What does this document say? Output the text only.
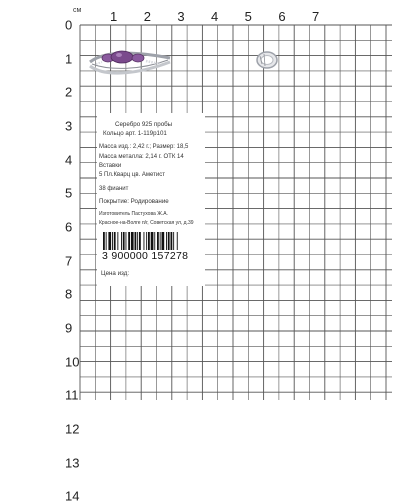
см 1 2 3 4 5 6 7
0
1
2
3
4
5
6
7
8
9
10
11
12
13
14
Серебро 925 пробы
Кольцо арт. 1-119р101
Масса изд.: 2,42 г.; Размер: 18,5
Масса металла: 2,14 г. ОТК 14
Вставки
5 Пл.Кварц цв. Аметист
38 фианит
Покрытие: Родирование
Изготовитель Пастухова Ж.А.
Красное-на-Волге п/г, Советская ул, д.39
3 900000 157278
Цена изд:
